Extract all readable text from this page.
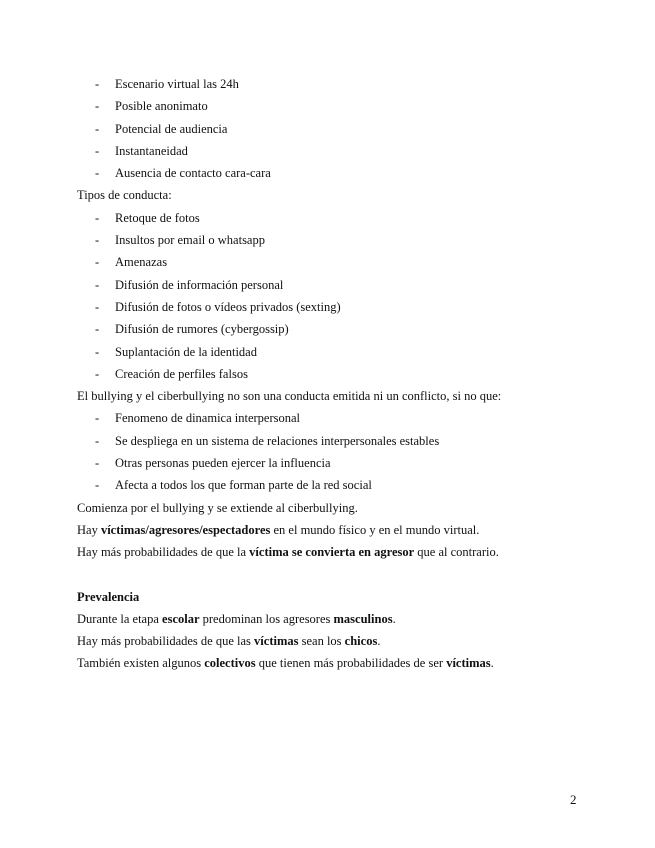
- Escenario virtual las 24h
- Posible anonimato
- Potencial de audiencia
- Instantaneidad
- Ausencia de contacto cara-cara
Tipos de conducta:
- Retoque de fotos
- Insultos por email o whatsapp
- Amenazas
- Difusión de información personal
- Difusión de fotos o vídeos privados (sexting)
- Difusión de rumores (cybergossip)
- Suplantación de la identidad
- Creación de perfiles falsos
El bullying y el ciberbullying no son una conducta emitida ni un conflicto, si no que:
- Fenomeno de dinamica interpersonal
- Se despliega en un sistema de relaciones interpersonales estables
- Otras personas pueden ejercer la influencia
- Afecta a todos los que forman parte de la red social
Comienza por el bullying y se extiende al ciberbullying.
Hay víctimas/agresores/espectadores en el mundo físico y en el mundo virtual.
Hay más probabilidades de que la víctima se convierta en agresor que al contrario.
Prevalencia
Durante la etapa escolar predominan los agresores masculinos.
Hay más probabilidades de que las víctimas sean los chicos.
También existen algunos colectivos que tienen más probabilidades de ser víctimas.
2
